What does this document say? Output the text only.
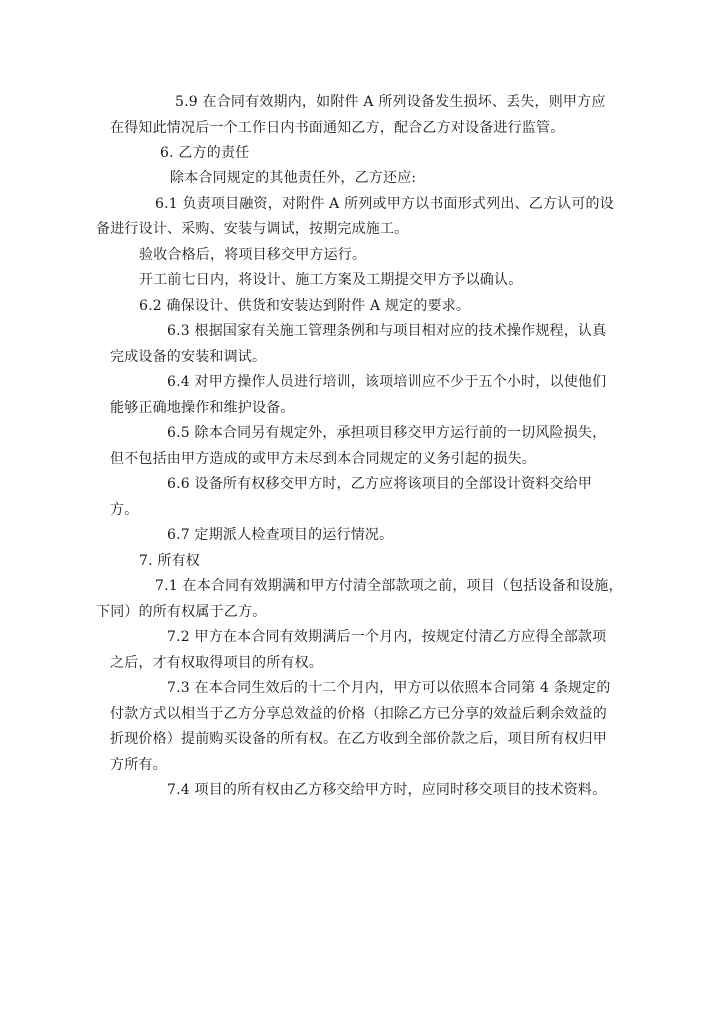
5.9 在合同有效期内，如附件 A 所列设备发生损坏、丢失，则甲方应
在得知此情况后一个工作日内书面通知乙方，配合乙方对设备进行监管。
6. 乙方的责任
除本合同规定的其他责任外，乙方还应:
6.1 负责项目融资，对附件 A 所列或甲方以书面形式列出、乙方认可的设
备进行设计、采购、安装与调试，按期完成施工。
验收合格后，将项目移交甲方运行。
开工前七日内，将设计、施工方案及工期提交甲方予以确认。
6.2 确保设计、供货和安装达到附件 A 规定的要求。
6.3 根据国家有关施工管理条例和与项目相对应的技术操作规程，认真
完成设备的安装和调试。
6.4 对甲方操作人员进行培训，该项培训应不少于五个小时，以使他们
能够正确地操作和维护设备。
6.5 除本合同另有规定外，承担项目移交甲方运行前的一切风险损失，
但不包括由甲方造成的或甲方未尽到本合同规定的义务引起的损失。
6.6 设备所有权移交甲方时，乙方应将该项目的全部设计资料交给甲
方。
6.7 定期派人检查项目的运行情况。
7. 所有权
7.1 在本合同有效期满和甲方付清全部款项之前，项目（包括设备和设施，
下同）的所有权属于乙方。
7.2 甲方在本合同有效期满后一个月内，按规定付清乙方应得全部款项
之后，才有权取得项目的所有权。
7.3 在本合同生效后的十二个月内，甲方可以依照本合同第 4 条规定的
付款方式以相当于乙方分享总效益的价格（扣除乙方已分享的效益后剩余效益的
折现价格）提前购买设备的所有权。在乙方收到全部价款之后，项目所有权归甲
方所有。
7.4 项目的所有权由乙方移交给甲方时，应同时移交项目的技术资料。
